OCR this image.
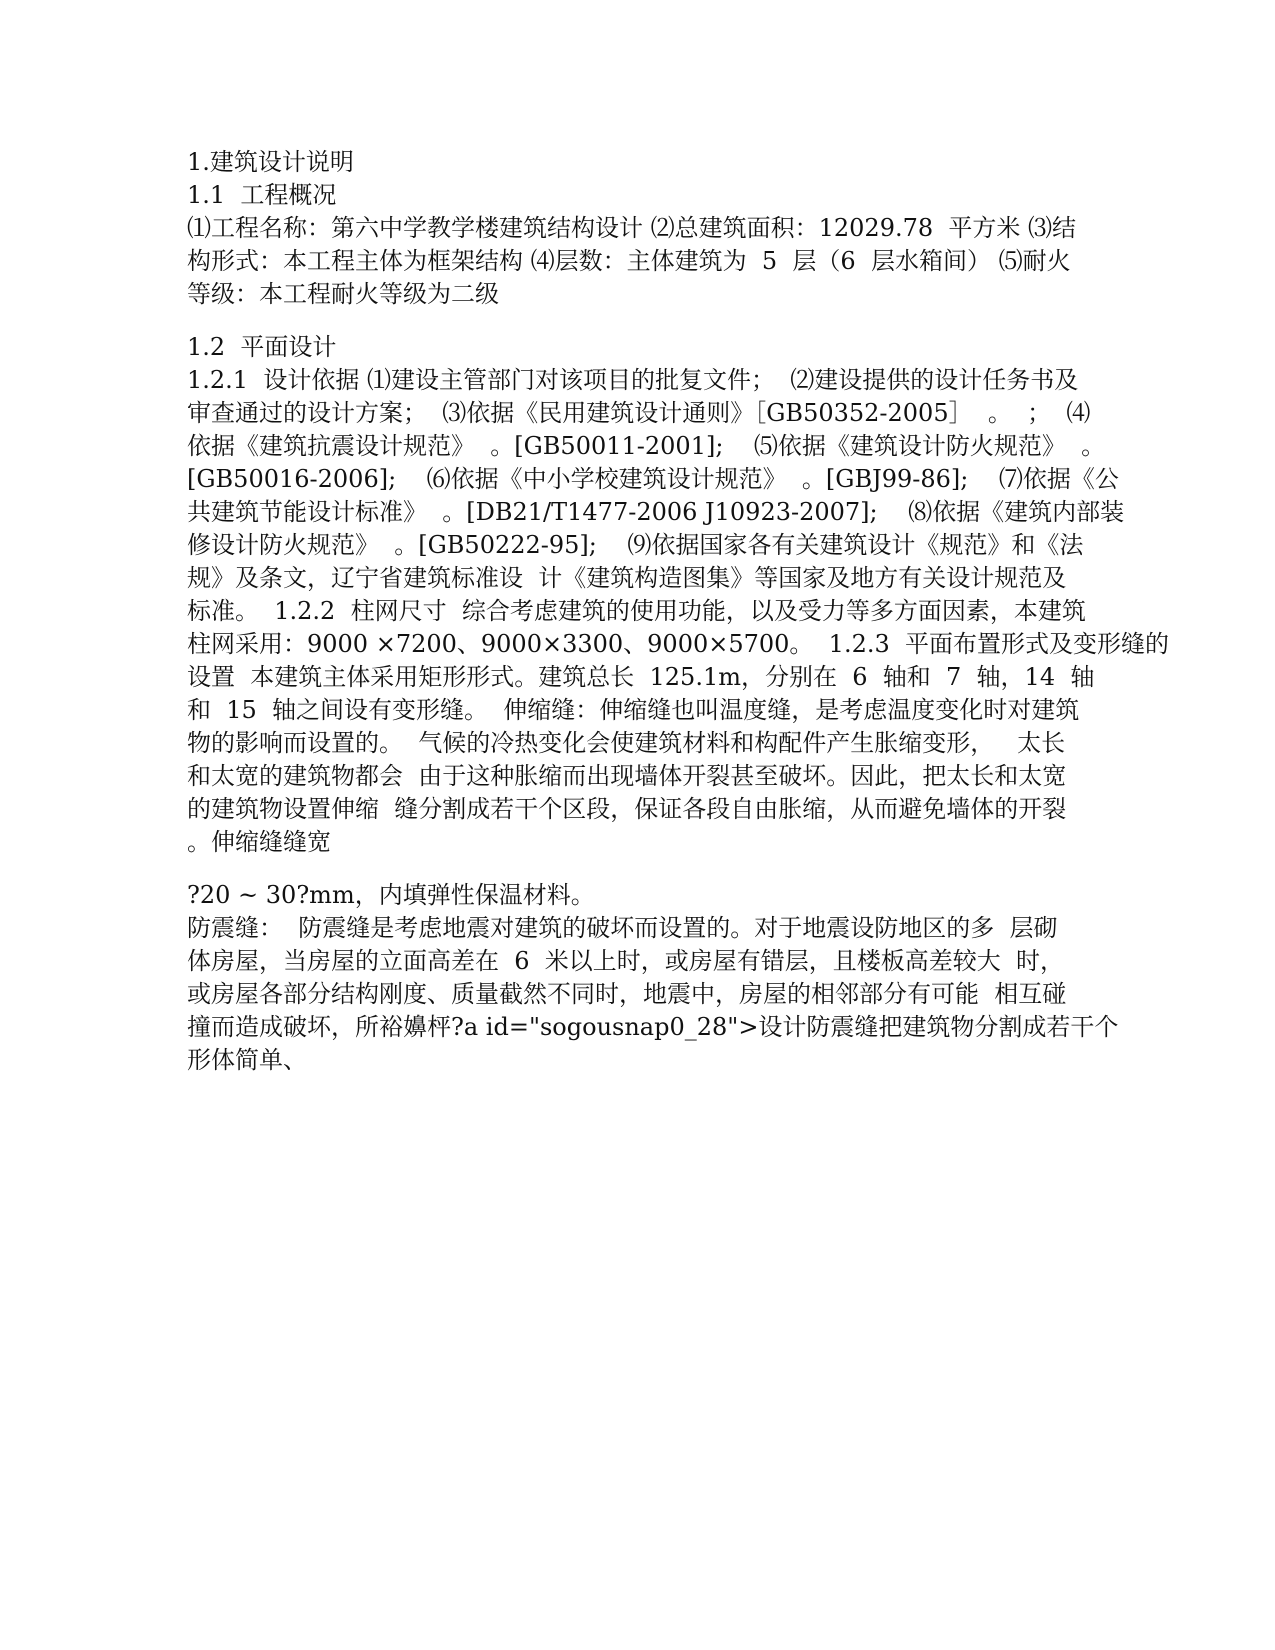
1.建筑设计说明
1.1  工程概况
⑴工程名称：第六中学教学楼建筑结构设计 ⑵总建筑面积：12029.78  平方米 ⑶结
构形式：本工程主体为框架结构 ⑷层数：主体建筑为  5  层（6  层水箱间） ⑸耐火
等级：本工程耐火等级为二级
1.2  平面设计
1.2.1  设计依据 ⑴建设主管部门对该项目的批复文件；  ⑵建设提供的设计任务书及
审查通过的设计方案；  ⑶依据《民用建筑设计通则》［GB50352-2005］  。  ；  ⑷
依据《建筑抗震设计规范》  。[GB50011-2001];    ⑸依据《建筑设计防火规范》  。
[GB50016-2006];    ⑹依据《中小学校建筑设计规范》  。[GBJ99-86];    ⑺依据《公
共建筑节能设计标准》  。[DB21/T1477-2006 J10923-2007];    ⑻依据《建筑内部装
修设计防火规范》  。[GB50222-95];    ⑼依据国家各有关建筑设计《规范》和《法
规》及条文，辽宁省建筑标准设  计《建筑构造图集》等国家及地方有关设计规范及
标准。  1.2.2  柱网尺寸  综合考虑建筑的使用功能，以及受力等多方面因素，本建筑
柱网采用：9000 ×7200、9000×3300、9000×5700。  1.2.3  平面布置形式及变形缝的
设置  本建筑主体采用矩形形式。建筑总长  125.1m，分别在  6  轴和  7  轴，14  轴
和  15  轴之间设有变形缝。  伸缩缝：伸缩缝也叫温度缝，是考虑温度变化时对建筑
物的影响而设置的。  气候的冷热变化会使建筑材料和构配件产生胀缩变形，   太长
和太宽的建筑物都会  由于这种胀缩而出现墙体开裂甚至破坏。因此，把太长和太宽
的建筑物设置伸缩  缝分割成若干个区段，保证各段自由胀缩，从而避免墙体的开裂
。伸缩缝缝宽
?20 ~ 30?mm，内填弹性保温材料。
防震缝：  防震缝是考虑地震对建筑的破坏而设置的。对于地震设防地区的多  层砌
体房屋，当房屋的立面高差在  6  米以上时，或房屋有错层，且楼板高差较大  时，
或房屋各部分结构刚度、质量截然不同时，地震中，房屋的相邻部分有可能  相互碰
撞而造成破坏，所裕嬶枰?a id="sogousnap0_28">设计防震缝把建筑物分割成若干个
形体简单、
